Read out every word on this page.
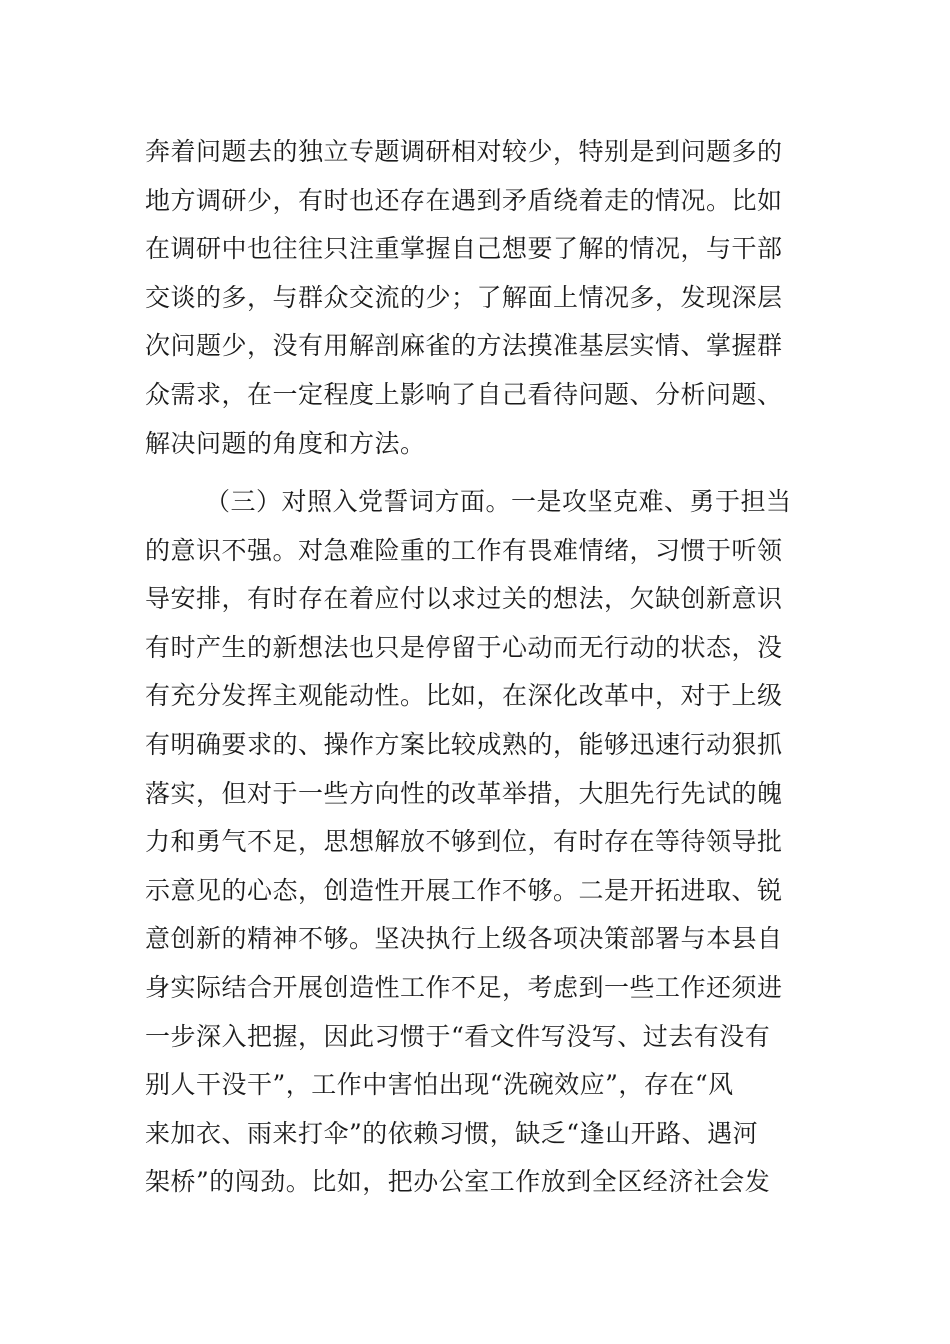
奔着问题去的独立专题调研相对较少，特别是到问题多的
地方调研少，有时也还存在遇到矛盾绕着走的情况。比如
在调研中也往往只注重掌握自己想要了解的情况，与干部
交谈的多，与群众交流的少；了解面上情况多，发现深层
次问题少，没有用解剖麻雀的方法摸准基层实情、掌握群
众需求，在一定程度上影响了自己看待问题、分析问题、
解决问题的角度和方法。
（三）对照入党誓词方面。一是攻坚克难、勇于担当
的意识不强。对急难险重的工作有畏难情绪，习惯于听领
导安排，有时存在着应付以求过关的想法，欠缺创新意识
有时产生的新想法也只是停留于心动而无行动的状态，没
有充分发挥主观能动性。比如，在深化改革中，对于上级
有明确要求的、操作方案比较成熟的，能够迅速行动狠抓
落实，但对于一些方向性的改革举措，大胆先行先试的魄
力和勇气不足，思想解放不够到位，有时存在等待领导批
示意见的心态，创造性开展工作不够。二是开拓进取、锐
意创新的精神不够。坚决执行上级各项决策部署与本县自
身实际结合开展创造性工作不足，考虑到一些工作还须进
一步深入把握，因此习惯于“看文件写没写、过去有没有
别人干没干”，工作中害怕出现“洗碗效应”，存在“风
来加衣、雨来打伞”的依赖习惯，缺乏“逢山开路、遇河
架桥”的闯劲。比如，把办公室工作放到全区经济社会发
